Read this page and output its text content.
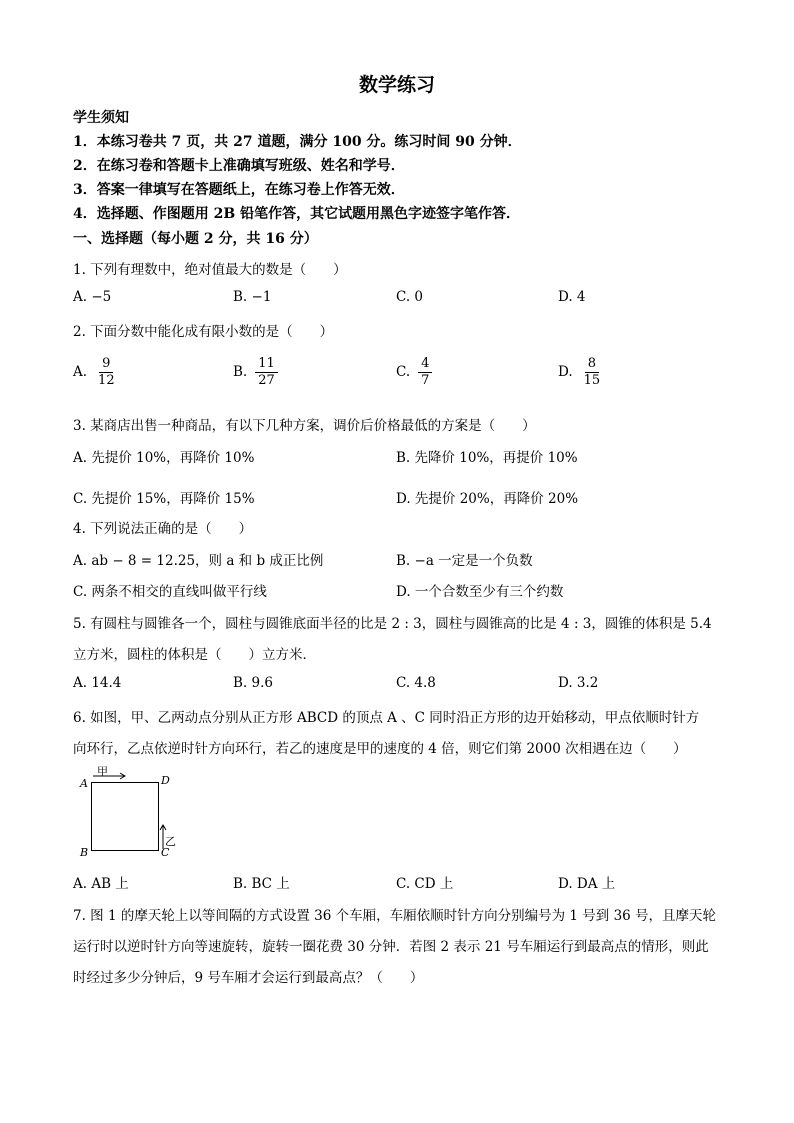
数学练习
学生须知
1．本练习卷共 7 页，共 27 道题，满分 100 分。练习时间 90 分钟．
2．在练习卷和答题卡上准确填写班级、姓名和学号．
3．答案一律填写在答题纸上，在练习卷上作答无效．
4．选择题、作图题用 2B 铅笔作答，其它试题用黑色字迹签字笔作答．
一、选择题（每小题 2 分，共 16 分）
1. 下列有理数中，绝对值最大的数是（　　）
A. −5	B. −1	C. 0	D. 4
2. 下面分数中能化成有限小数的是（　　）
A. $\frac{9}{12}$	B. $\frac{11}{27}$	C. $\frac{4}{7}$	D. $\frac{8}{15}$
3. 某商店出售一种商品，有以下几种方案，调价后价格最低的方案是（　　）
A. 先提价 10%，再降价 10%	B. 先降价 10%，再提价 10%
C. 先提价 15%，再降价 15%	D. 先提价 20%，再降价 20%
4. 下列说法正确的是（　　）
A. ab − 8 = 12.25，则 a 和 b 成正比例	B. −a 一定是一个负数
C. 两条不相交的直线叫做平行线	D. 一个合数至少有三个约数
5. 有圆柱与圆锥各一个，圆柱与圆锥底面半径的比是 2 : 3，圆柱与圆锥高的比是 4 : 3，圆锥的体积是 5.4
立方米，圆柱的体积是（　　）立方米．
A. 14.4	B. 9.6	C. 4.8	D. 3.2
6. 如图，甲、乙两动点分别从正方形 ABCD 的顶点 A 、C 同时沿正方形的边开始移动，甲点依顺时针方
向环行，乙点依逆时针方向环行，若乙的速度是甲的速度的 4 倍，则它们第 2000 次相遇在边（　　）
A
B	C
D
甲
乙
A. AB 上	B. BC 上	C. CD 上	D. DA 上
7. 图 1 的摩天轮上以等间隔的方式设置 36 个车厢，车厢依顺时针方向分别编号为 1 号到 36 号，且摩天轮
运行时以逆时针方向等速旋转，旋转一圈花费 30 分钟．若图 2 表示 21 号车厢运行到最高点的情形，则此
时经过多少分钟后，9 号车厢才会运行到最高点？（　　）
